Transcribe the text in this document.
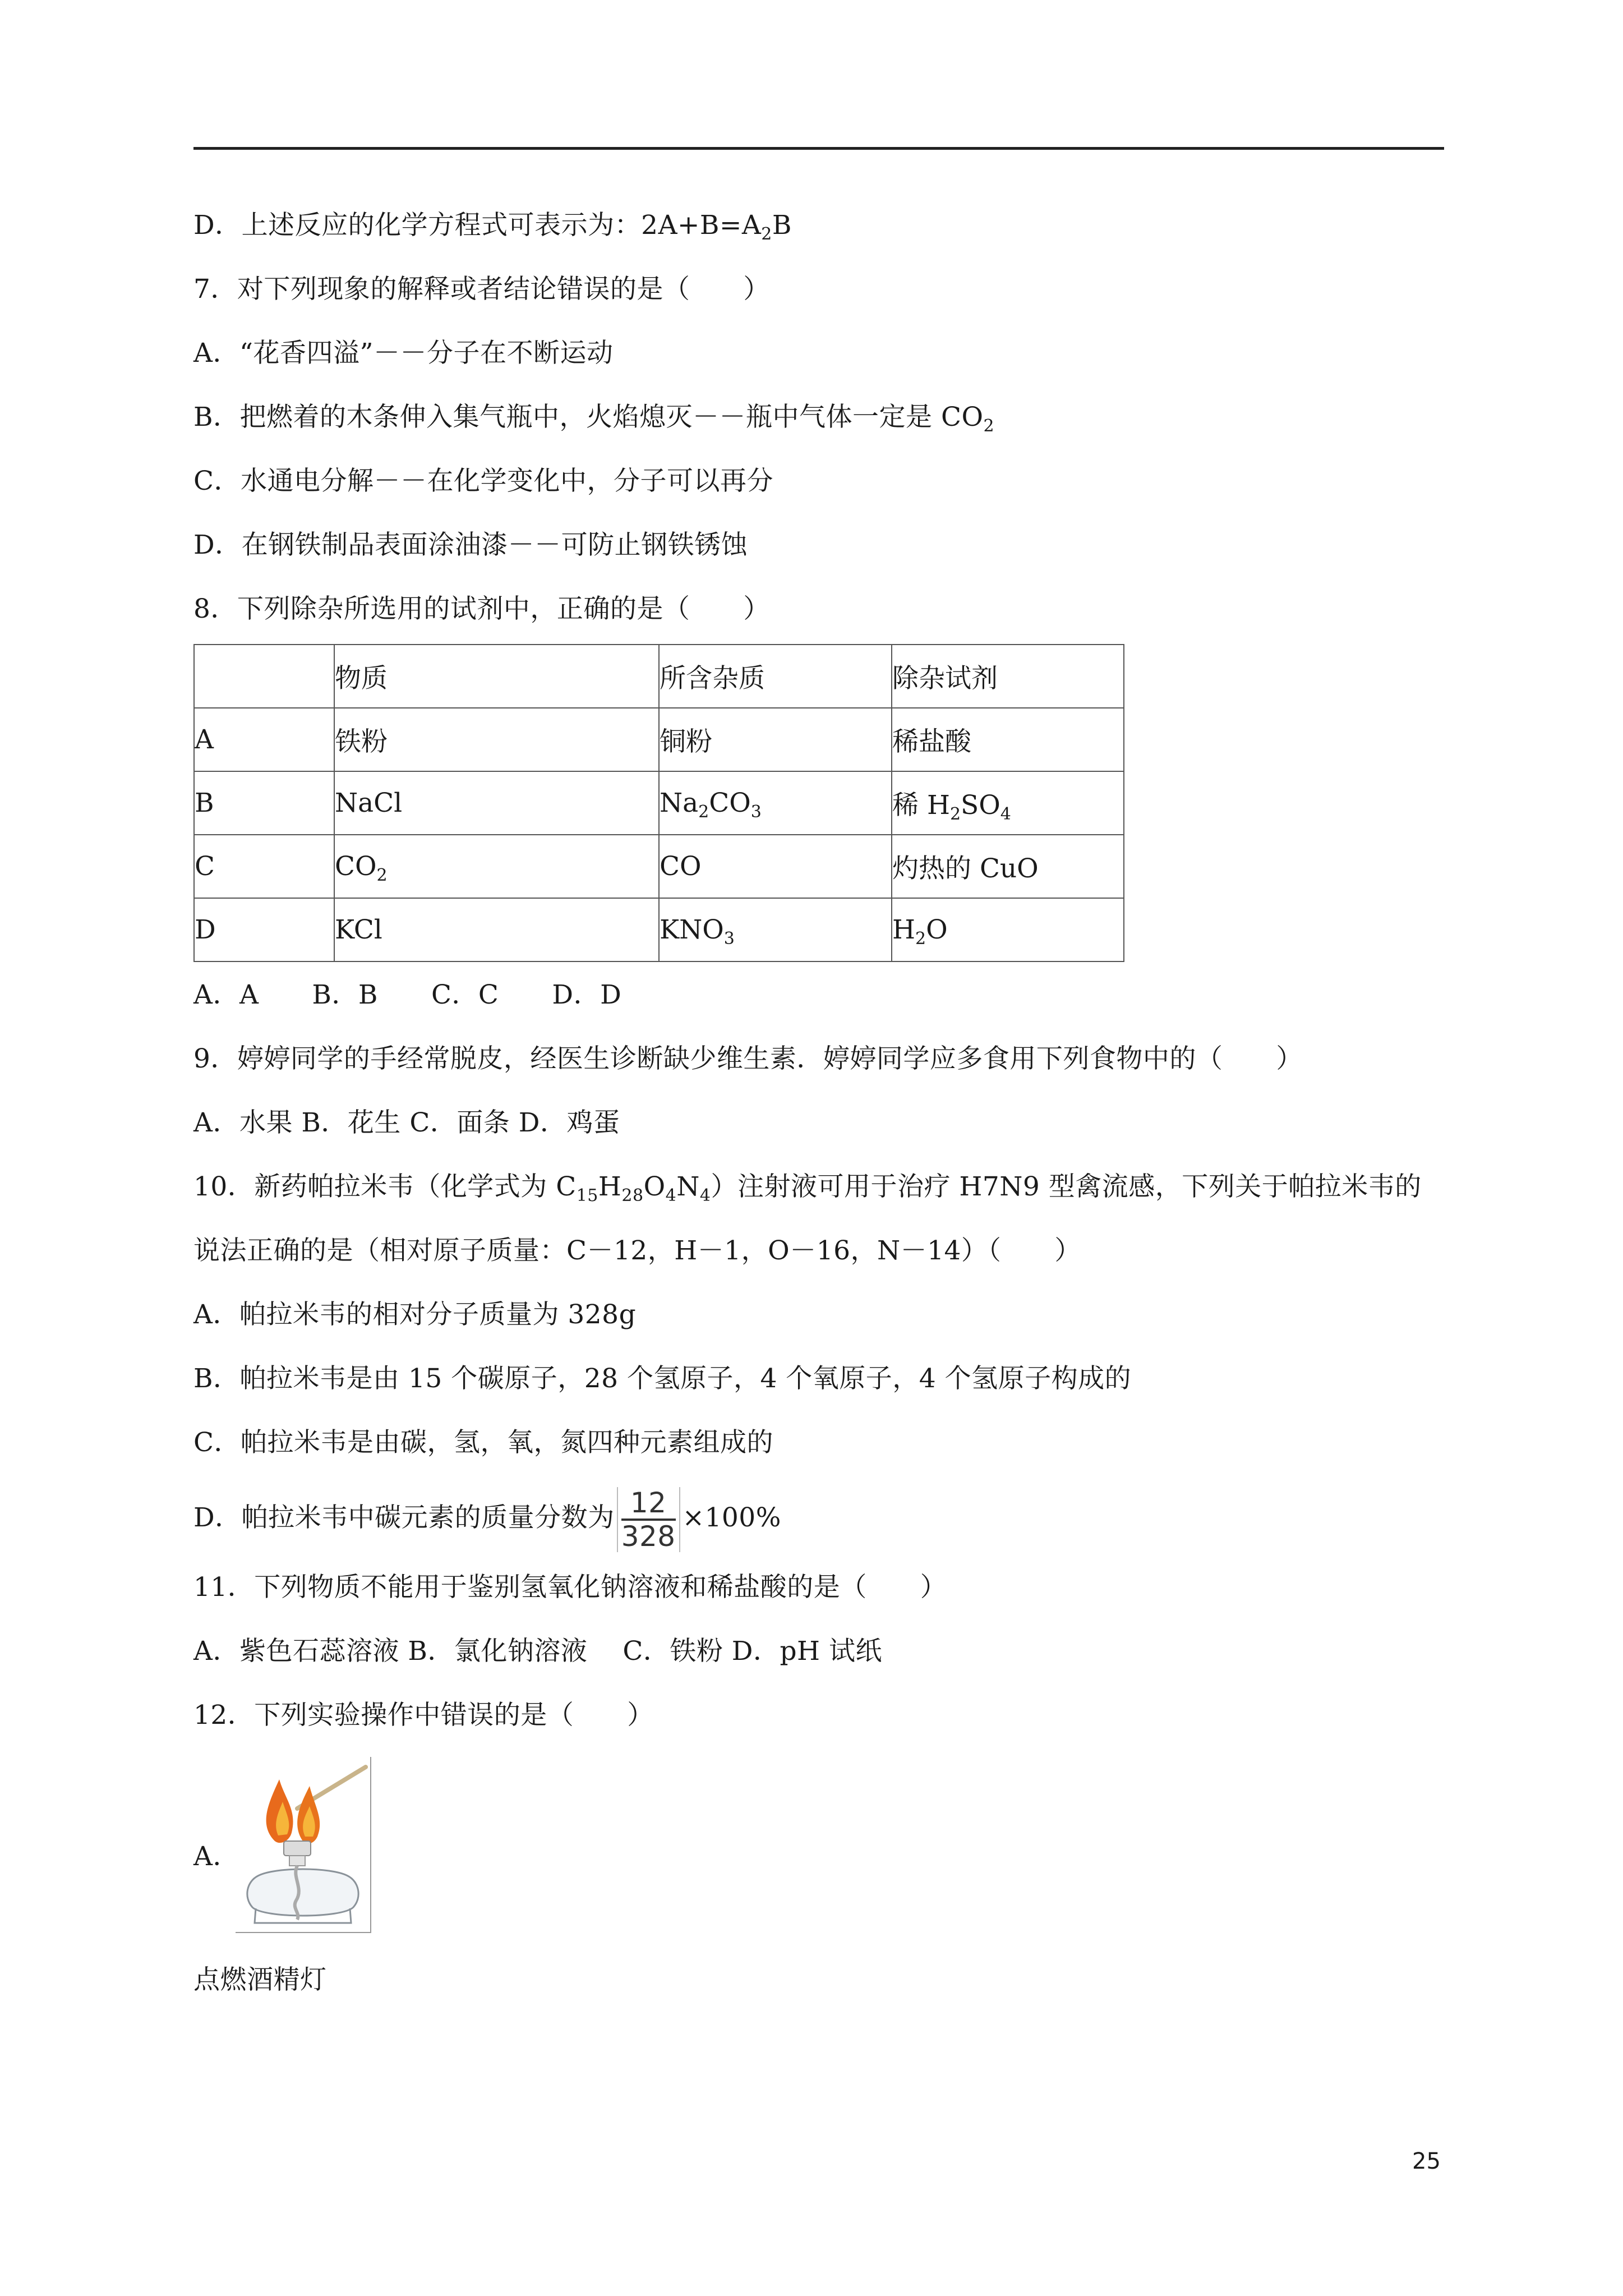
D．上述反应的化学方程式可表示为：$2A+B=A_2B$
7．对下列现象的解释或者结论错误的是（　　）
A．“花香四溢”－－分子在不断运动
B．把燃着的木条伸入集气瓶中，火焰熄灭－－瓶中气体一定是 $CO_2$
C．水通电分解－－在化学变化中，分子可以再分
D．在钢铁制品表面涂油漆－－可防止钢铁锈蚀
8．下列除杂所选用的试剂中，正确的是（　　）
	物质	所含杂质	除杂试剂
A	铁粉	铜粉	稀盐酸
B	NaCl	$Na_2CO_3$	稀 $H_2SO_4$
C	$CO_2$	CO	灼热的 CuO
D	KCl	$KNO_3$	$H_2O$
A．A　　B．B　　C．C　　D．D
9．婷婷同学的手经常脱皮，经医生诊断缺少维生素．婷婷同学应多食用下列食物中的（　　）
A．水果 B．花生 C．面条 D．鸡蛋
10．新药帕拉米韦（化学式为 $C_{15}H_{28}O_4N_4$）注射液可用于治疗 H7N9 型禽流感，下列关于帕拉米韦的
说法正确的是（相对原子质量：C－12，H－1，O－16，N－14）（　　）
A．帕拉米韦的相对分子质量为 328g
B．帕拉米韦是由 15 个碳原子，28 个氢原子，4 个氧原子，4 个氢原子构成的
C．帕拉米韦是由碳，氢，氧，氮四种元素组成的
D．帕拉米韦中碳元素的质量分数为 $\frac{12}{328} \times 100\%$
11．下列物质不能用于鉴别氢氧化钠溶液和稀盐酸的是（　　）
A．紫色石蕊溶液 B．氯化钠溶液　 C．铁粉 D．pH 试纸
12．下列实验操作中错误的是（　　）
A．
点燃酒精灯
25
